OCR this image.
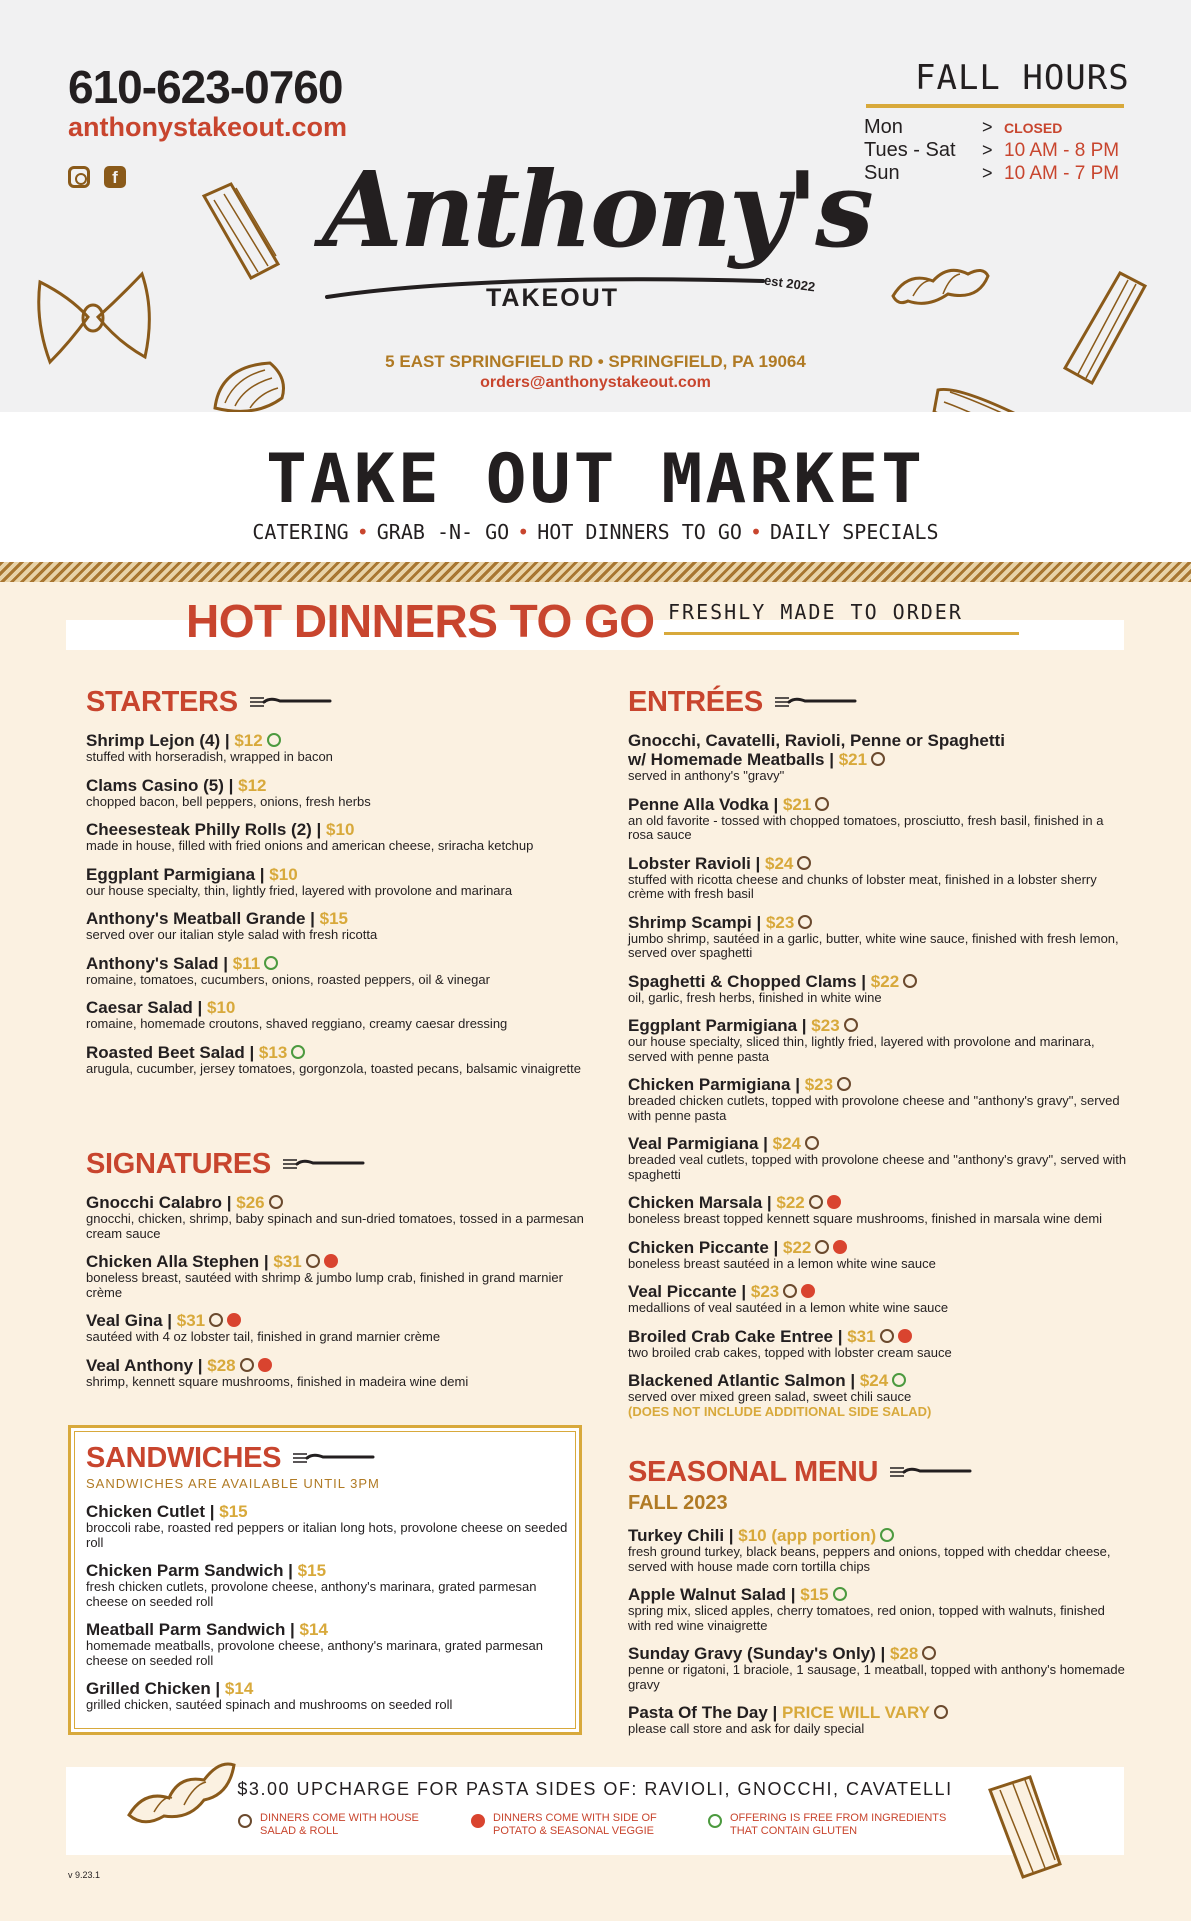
610-623-0760
anthonystakeout.com
f
FALL HOURS
Mon	> CLOSED
Tues - Sat	> 10 AM - 8 PM
Sun	> 10 AM - 7 PM
Anthony's
est 2022
TAKEOUT
5 EAST SPRINGFIELD RD • SPRINGFIELD, PA 19064
orders@anthonystakeout.com
TAKE OUT MARKET
CATERING • GRAB -N- GO • HOT DINNERS TO GO • DAILY SPECIALS
HOT DINNERS TO GO FRESHLY MADE TO ORDER
STARTERS
Shrimp Lejon (4) | $12
stuffed with horseradish, wrapped in bacon
Clams Casino (5) | $12
chopped bacon, bell peppers, onions, fresh herbs
Cheesesteak Philly Rolls (2) | $10
made in house, filled with fried onions and american cheese, sriracha ketchup
Eggplant Parmigiana | $10
our house specialty, thin, lightly fried, layered with provolone and marinara
Anthony's Meatball Grande | $15
served over our italian style salad with fresh ricotta
Anthony's Salad | $11
romaine, tomatoes, cucumbers, onions, roasted peppers, oil & vinegar
Caesar Salad | $10
romaine, homemade croutons, shaved reggiano, creamy caesar dressing
Roasted Beet Salad | $13
arugula, cucumber, jersey tomatoes, gorgonzola, toasted pecans, balsamic vinaigrette
SIGNATURES
Gnocchi Calabro | $26
gnocchi, chicken, shrimp, baby spinach and sun-dried tomatoes, tossed in a parmesan cream sauce
Chicken Alla Stephen | $31
boneless breast, sautéed with shrimp & jumbo lump crab, finished in grand marnier crème
Veal Gina | $31
sautéed with 4 oz lobster tail, finished in grand marnier crème
Veal Anthony | $28
shrimp, kennett square mushrooms, finished in madeira wine demi
SANDWICHES
SANDWICHES ARE AVAILABLE UNTIL 3PM
Chicken Cutlet | $15
broccoli rabe, roasted red peppers or italian long hots, provolone cheese on seeded roll
Chicken Parm Sandwich | $15
fresh chicken cutlets, provolone cheese, anthony's marinara, grated parmesan cheese on seeded roll
Meatball Parm Sandwich | $14
homemade meatballs, provolone cheese, anthony's marinara, grated parmesan cheese on seeded roll
Grilled Chicken | $14
grilled chicken, sautéed spinach and mushrooms on seeded roll
ENTRÉES
Gnocchi, Cavatelli, Ravioli, Penne or Spaghetti
w/ Homemade Meatballs | $21
served in anthony's "gravy"
Penne Alla Vodka | $21
an old favorite - tossed with chopped tomatoes, prosciutto, fresh basil, finished in a rosa sauce
Lobster Ravioli | $24
stuffed with ricotta cheese and chunks of lobster meat, finished in a lobster sherry crème with fresh basil
Shrimp Scampi | $23
jumbo shrimp, sautéed in a garlic, butter, white wine sauce, finished with fresh lemon, served over spaghetti
Spaghetti & Chopped Clams | $22
oil, garlic, fresh herbs, finished in white wine
Eggplant Parmigiana | $23
our house specialty, sliced thin, lightly fried, layered with provolone and marinara, served with penne pasta
Chicken Parmigiana | $23
breaded chicken cutlets, topped with provolone cheese and "anthony's gravy", served with penne pasta
Veal Parmigiana | $24
breaded veal cutlets, topped with provolone cheese and "anthony's gravy", served with spaghetti
Chicken Marsala | $22
boneless breast topped kennett square mushrooms, finished in marsala wine demi
Chicken Piccante | $22
boneless breast sautéed in a lemon white wine sauce
Veal Piccante | $23
medallions of veal sautéed in a lemon white wine sauce
Broiled Crab Cake Entree | $31
two broiled crab cakes, topped with lobster cream sauce
Blackened Atlantic Salmon | $24
served over mixed green salad, sweet chili sauce
(DOES NOT INCLUDE ADDITIONAL SIDE SALAD)
SEASONAL MENU
FALL 2023
Turkey Chili | $10 (app portion)
fresh ground turkey, black beans, peppers and onions, topped with cheddar cheese, served with house made corn tortilla chips
Apple Walnut Salad | $15
spring mix, sliced apples, cherry tomatoes, red onion, topped with walnuts, finished with red wine vinaigrette
Sunday Gravy (Sunday's Only) | $28
penne or rigatoni, 1 braciole, 1 sausage, 1 meatball, topped with anthony's homemade gravy
Pasta Of The Day | PRICE WILL VARY
please call store and ask for daily special
$3.00 UPCHARGE FOR PASTA SIDES OF: RAVIOLI, GNOCCHI, CAVATELLI
DINNERS COME WITH HOUSE
SALAD & ROLL
DINNERS COME WITH SIDE OF
POTATO & SEASONAL VEGGIE
OFFERING IS FREE FROM INGREDIENTS
THAT CONTAIN GLUTEN
v 9.23.1
